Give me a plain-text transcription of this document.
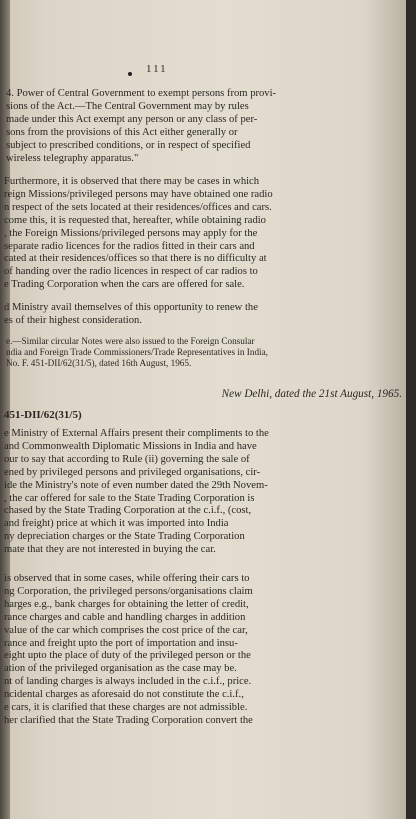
111
4. Power of Central Government to exempt persons from provi-
sions of the Act.—The Central Government may by rules
made under this Act exempt any person or any class of per-
sons from the provisions of this Act either generally or
subject to prescribed conditions, or in respect of specified
wireless telegraphy apparatus."
Furthermore, it is observed that there may be cases in which
reign Missions/privileged persons may have obtained one radio
n respect of the sets located at their residences/offices and cars.
come this, it is requested that, hereafter, while obtaining radio
, the Foreign Missions/privileged persons may apply for the
separate radio licences for the radios fitted in their cars and
cated at their residences/offices so that there is no difficulty at
of handing over the radio licences in respect of car radios to
e Trading Corporation when the cars are offered for sale.
d Ministry avail themselves of this opportunity to renew the
es of their highest consideration.
e.—Similar circular Notes were also issued to the Foreign Consular
ndia and Foreign Trade Commissioners/Trade Representatives in India,
No. F. 451-DII/62(31/5), dated 16th August, 1965.
New Delhi, dated the 21st August, 1965.
451-DII/62(31/5)
e Ministry of External Affairs present their compliments to the
and Commonwealth Diplomatic Missions in India and have
our to say that according to Rule (ii) governing the sale of
ened by privileged persons and privileged organisations, cir-
ide the Ministry's note of even number dated the 29th Novem-
, the car offered for sale to the State Trading Corporation is
chased by the State Trading Corporation at the c.i.f., (cost,
and freight) price at which it was imported into India
ny depreciation charges or the State Trading Corporation
mate that they are not interested in buying the car.
is observed that in some cases, while offering their cars to
ng Corporation, the privileged persons/organisations claim
harges e.g., bank charges for obtaining the letter of credit,
rance charges and cable and handling charges in addition
value of the car which comprises the cost price of the car,
rance and freight upto the port of importation and insu-
eight upto the place of duty of the privileged person or the
ation of the privileged organisation as the case may be.
nt of landing charges is always included in the c.i.f., price.
ncidental charges as aforesaid do not constitute the c.i.f.,
e cars, it is clarified that these charges are not admissible.
her clarified that the State Trading Corporation convert the
